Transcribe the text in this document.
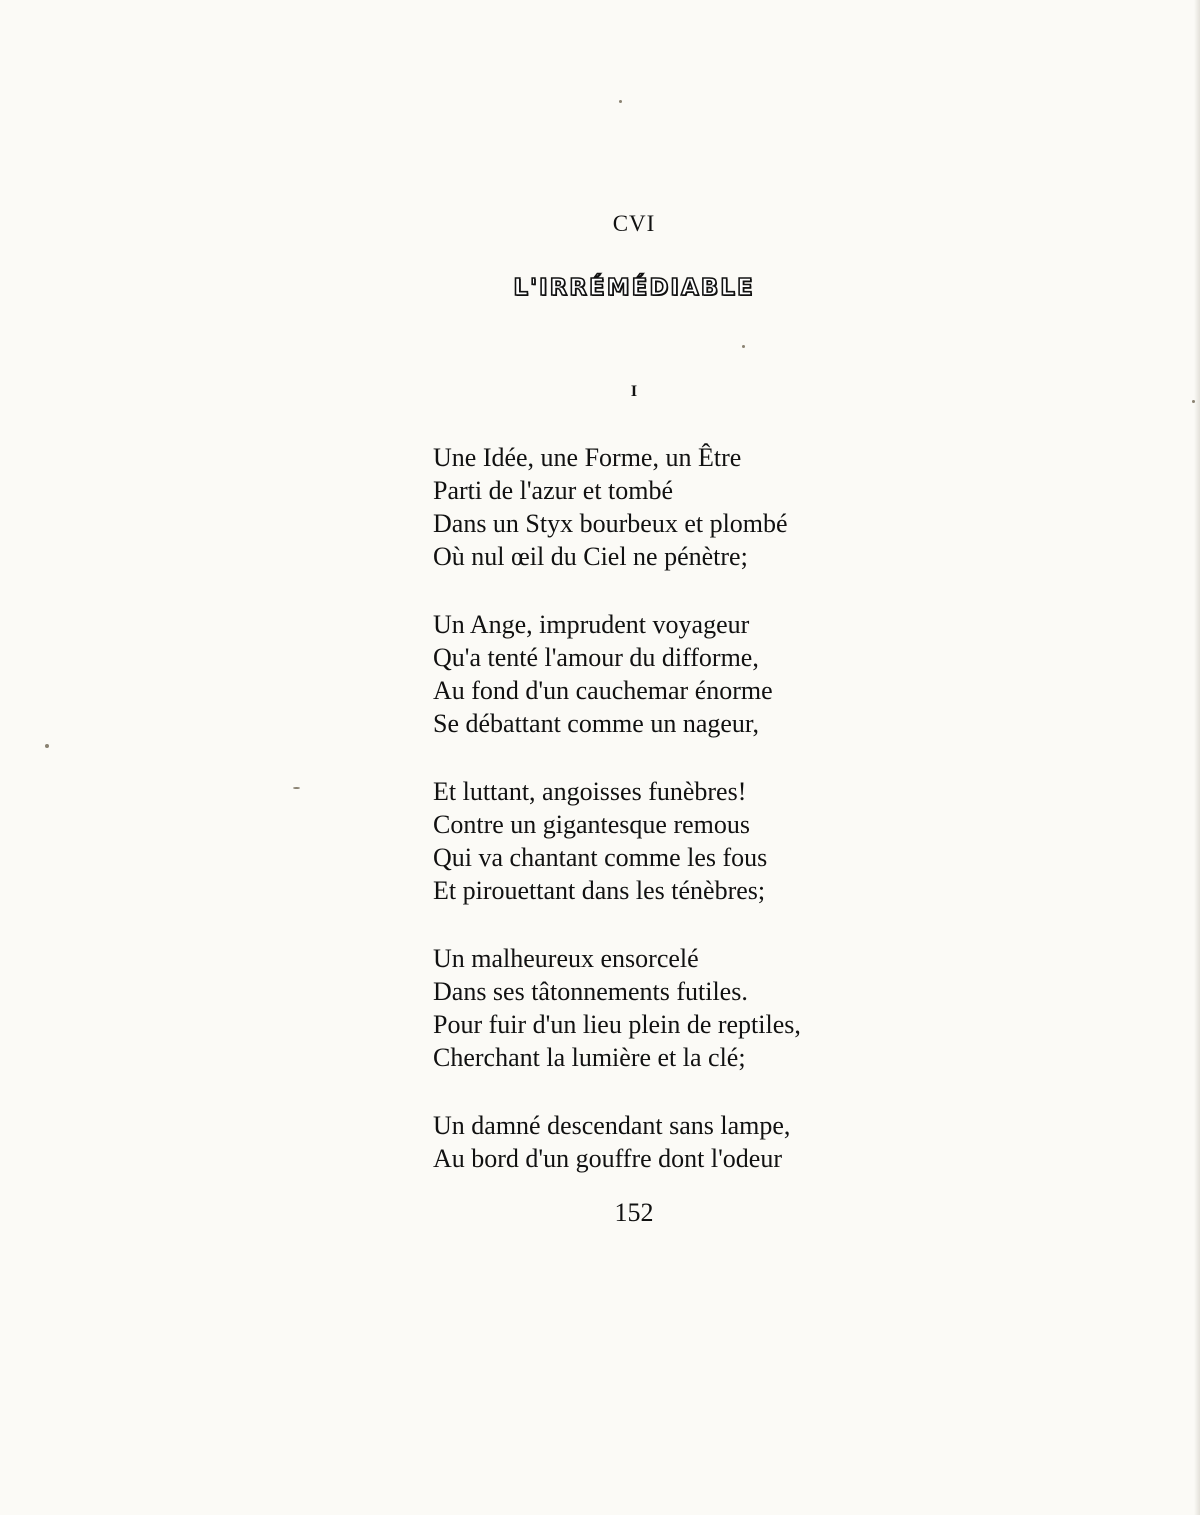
CVI
L'IRRÉMÉDIABLE
I
Une Idée, une Forme, un Être
Parti de l'azur et tombé
Dans un Styx bourbeux et plombé
Où nul œil du Ciel ne pénètre;
Un Ange, imprudent voyageur
Qu'a tenté l'amour du difforme,
Au fond d'un cauchemar énorme
Se débattant comme un nageur,
Et luttant, angoisses funèbres!
Contre un gigantesque remous
Qui va chantant comme les fous
Et pirouettant dans les ténèbres;
Un malheureux ensorcelé
Dans ses tâtonnements futiles.
Pour fuir d'un lieu plein de reptiles,
Cherchant la lumière et la clé;
Un damné descendant sans lampe,
Au bord d'un gouffre dont l'odeur
152
